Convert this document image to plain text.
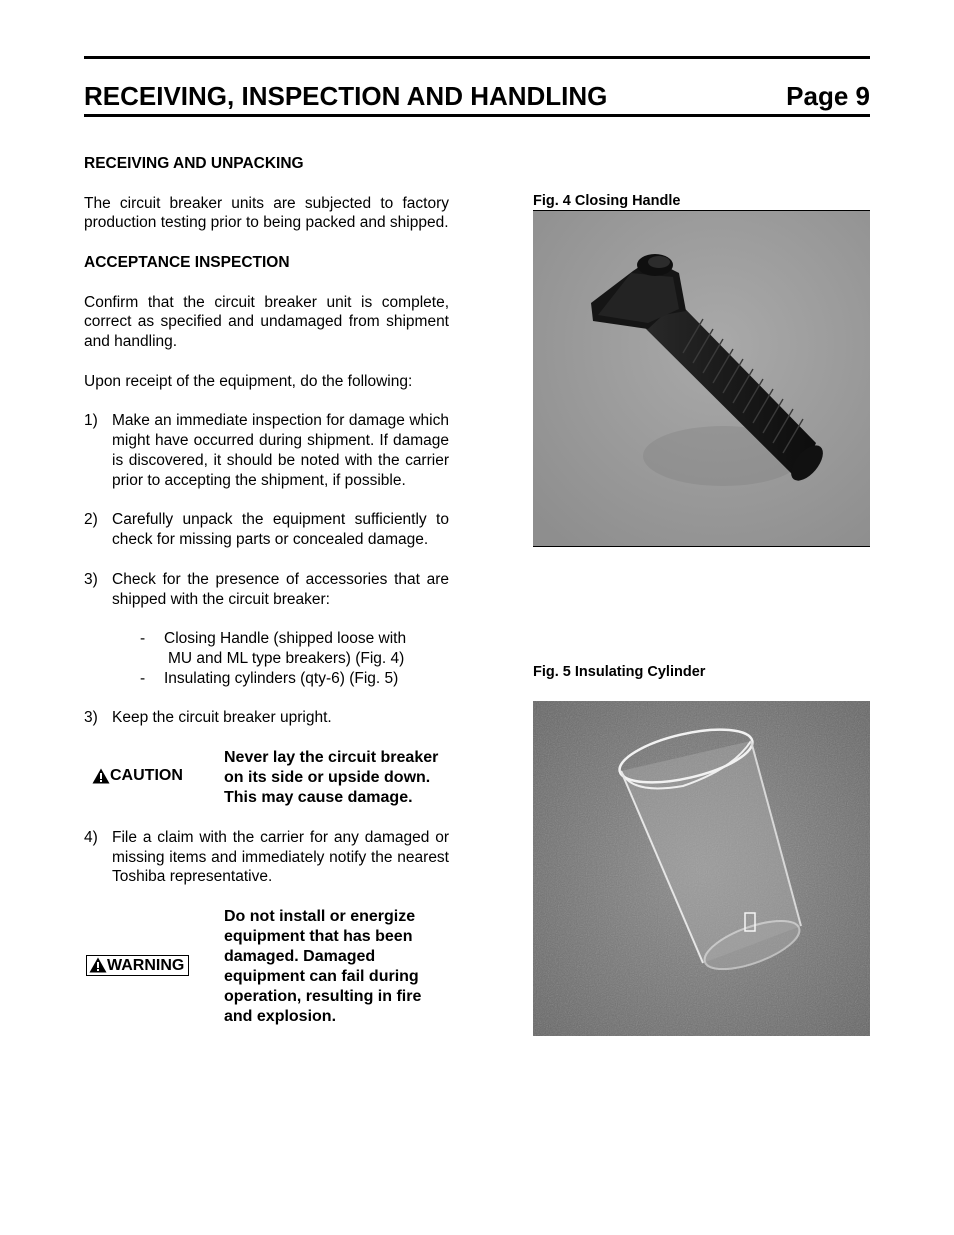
RECEIVING, INSPECTION AND HANDLING	Page 9

RECEIVING AND UNPACKING

The circuit breaker units are subjected to factory production testing prior to being packed and shipped.

ACCEPTANCE INSPECTION

Confirm that the circuit breaker unit is complete, correct as specified and undamaged from shipment and handling.

Upon receipt of the equipment, do the following:

1) Make an immediate inspection for damage which might have occurred during shipment. If damage is discovered, it should be noted with the carrier prior to accepting the shipment, if possible.
2) Carefully unpack the equipment sufficiently to check for missing parts or concealed damage.
3) Check for the presence of accessories that are shipped with the circuit breaker:
-	Closing Handle (shipped loose with
MU and ML type breakers) (Fig. 4)
-	Insulating cylinders (qty-6) (Fig. 5)
3) Keep the circuit breaker upright.
CAUTION
Never lay the circuit breaker on its side or upside down. This may cause damage.
4) File a claim with the carrier for any damaged or missing items and immediately notify the nearest Toshiba representative.
WARNING
Do not install or energize equipment that has been damaged. Damaged equipment can fail during operation, resulting in fire and explosion.
Fig. 4 Closing Handle
Fig. 5 Insulating Cylinder
